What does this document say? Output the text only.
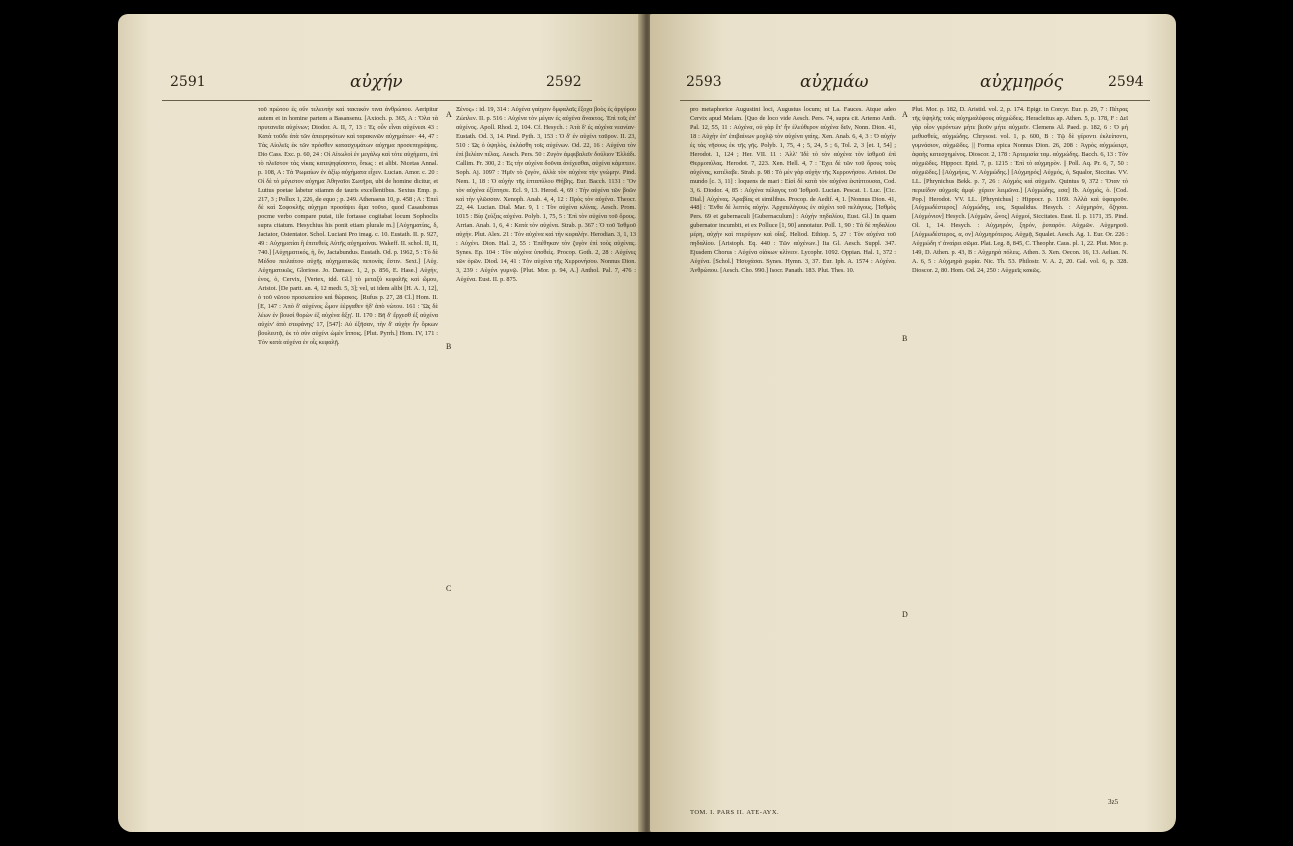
2591	αὐχήν	2592

τοῦ πρώτου ἐς οὖν τελευτὴν καὶ τακτικόν τινα ἀνθρώπου. Aeripitur autem et in homine partem a Basansenu. [Axioch. p. 365, A : Ὅλα τὰ πρυτανεῖα αὐχένων; Diodor. A. II, 7, 13 : Ἐς οὖν εἶναι αὐχένεσι 43 : Κατὰ τοῦδε ἀτὰ τῶν ἀπειρηκότων καὶ ταρακινῶν αὐχημάτων· 44, 47 : Τὰς Αἰολεῖς ἐκ τῶν πρόσθεν κατασχυμάτων αὐχημα προσεπιγράψας. Dio Cass. Exc. p. 60, 24 : Οἱ Αἰτωλοὶ ἐν μεγάλῳ καὶ τότε αὐχήματι, ἐπὶ τὸ πλεῖστον τὰς νίκας κατεψηφίσαντο, ὅπως : et alibi. Nicetas Annal. p. 108, A : Τὰ Ῥωμαίων ἐν ἀξίῳ αὐχήματα εἶχεν. Lucian. Amor. c. 20 : Οἱ δὲ τὸ μέγιστον αὐχημα Ἀθηναῖοι Σωτῆρα, ubi de homine dicitur, et Luttus poetae labetur stiamm de tauris excellentibus. Sextus Emp. p. 217, 3 ; Pollux 1, 226, de equo ; p. 249. Athenaeus 10, p. 458 ; A : Ἐπεὶ δὲ καὶ Σοφοκλῆς αὐχημα προσάψει ἄμα τοῦτο, quod Casaubonus pocme verbo compare putat, iile fortasse cogitabat locum Sophoclis supra citatum. Hesychius his ponit etiam plurale m.] [Αὐχηματίας, δ, Jactator, Ostentator. Schol. Luciani Pro imag. c. 10. Eustath. II. p. 927, 49 : Αὐχηματίαι ἢ ἐπιτεθείς Αὐτῆς αὐχημαίναι. Wakeff. II. schol. II, II, 740.] [Αὐχηματικός, ἡ, ὄν, Jactabundus. Eustath. Od. p. 1962, 5 : Τὸ δὲ Μέδου πειλαίτου αὐχῆς αὐχηματικῶς πεπονὰς ἔστιν. Sext.] [Αὐχ. Αὐχηματικῶς, Gloriose. Jo. Damasc. 1, 2, p. 856, E. Hase.] Αὐχήν, ένος, ὁ, Cervix, [Vertex, idd. Gl.] τὸ μεταξὺ κεφαλῆς καὶ ὤμου, Aristot. [De partt. an. 4, 12 medi. 5, 3]; vel, ut idem alibi [H. A. 1, 12], ὁ τοῦ νῶτου προσωπείου καὶ θώρακος. [Rufus p. 27, 28 Cl.] Hom. II. [E, 147 : Ἀπὸ δ' αὐχένος ὦμον ἐέργαθεν ἠδ' ἀπὸ νώτου. 161 : Ὣς δὲ λέων ἐν βουσὶ θορὼν ἐξ αὐχένα ἄξῃ'. II. 170 : Βῆ δ' ἔρχεσθ ἐξ αὐχένα αὐχὲν' ἀπὸ στεφάνης' 17, [547]: Αὐ ἐξῆσαν, τὴν δ' αὐχὴν ἦν ὄρκων βουλευτᾷ, ἐκ τὸ σὺν αὐχένι ὡμὲν ἵπποις. [Plut. Pyrrh.] Hom. IV, 171 : Τὸν κατὰ αὐχένα ἐν οἷς κεφαλῇ.

A
B
C

Ξένος» : id. 19, 314 : Αὐχένα γαίῃσιν ὄμφαλαῖς ἔξοχα βοὸς ἐς ἀργύρου Ζώπλεν. II. p. 516 : Αὐχένα τὸν μέγαν ἐς αὐχένα ἄνακτος. Ἐπὶ τοῖς ἐπ' αὐχένος. Apoll. Rhod. 2, 104. Cf. Hesych. : Ἀτὰ δ' ἐς αὐχένα νεανίαν· Eustath. Od. 3, 14. Pind. Pyth. 3, 153 : Ὁ δ' ἐν αὐχένι ταῦρον. II. 23, 510 : Ὡς ὁ ὑψηλὸς, ἐκλάσθη τοῖς αὐχένων. Od. 22, 16 : Αὐχένα τὸν ἐπὶ βελέαν πέλας. Aesch. Pers. 50 : Ζυγὸν ἀμφιβαλεῖν δούλιον Ἑλλάδι. Callim. Fr. 300, 2 : Ἐς τὴν αὐχένα δοῦναι ἀνέχεσθαι, αὐχένα κάμπτειν. Soph. Aj. 1097 : Ἡμῖν τὸ ζυγὸν, ἀλλὰ τὸν αὐχένα τὴν γνώμην. Pind. Nem. 1, 18 : Ὁ αὐχὴν τῆς ἑπταπύλου Θήβης. Eur. Bacch. 1131 : Ὃν τὸν αὐχένα ἐξίπτησε. Ecl. 9, 13. Herod. 4, 69 : Τὴν αὐχένα τῶν βοῶν καὶ τὴν γλῶσσαν. Xenoph. Anab. 4, 4, 12 : Πρὸς τὸν αὐχένα. Theocr. 22, 44. Lucian. Dial. Mar. 9, 1 : Τὸν αὐχένα κλίνας. Aesch. Prom. 1015 : Βίᾳ ζεύξας αὐχένα. Polyb. 1, 75, 5 : Ἐπὶ τὸν αὐχένα τοῦ ὄρους. Arrian. Anab. 1, 6, 4 : Κατὰ τὸν αὐχένα. Strab. p. 367 : Ὁ τοῦ Ἰσθμοῦ αὐχήν. Plut. Alex. 21 : Τὸν αὐχένα καὶ τὴν κεφαλὴν. Herodian. 3, 1, 13 : Αὐχένι. Dion. Hal. 2, 55 : Ἐπέθηκαν τὸν ζυγὸν ἐπὶ τοὺς αὐχένας. Synes. Ep. 104 : Τὸν αὐχένα ὑποθεὶς. Procop. Goth. 2, 28 : Αὐχένες τῶν ὀρῶν. Diod. 14, 41 : Τὸν αὐχένα τῆς Χερρονήσου. Nonnus Dion. 3, 239 : Αὐχένι γυμνῷ. [Plut. Mor. p. 94, A.] Anthol. Pal. 7, 476 : Αὐχένα. Eust. II. p. 875.

2593	αὐχμάω	αὐχμηρός	2594

pro metaphorice Augustini loci, Augustus locum; ut La. Fauces. Atque adeo Cervix apud Melam. [Quo de loco vide Aesch. Pers. 74, supra cit. Artemo Anth. Pal. 12, 55, 11 : Αὐχένα, οὐ γὰρ ἔτ' ἦν ἐλεύθερον αὐχένα δεῖν, Nonn. Dion. 41, 18 : Αὐχὴν ἐπ' ἐπιβαίνων μοχλῷ τὸν αὐχένα γαίης. Xen. Anab. 6, 4, 3 : Ὁ αὐχὴν ἐς τὰς νῆσους ἐκ τῆς γῆς. Polyb. 1, 75, 4 ; 5, 24, 5 ; 6, Tol. 2, 3 [et. I, 54] ; Herodot. 1, 124 ; Her. VII. 11 : Ἀλλ' Ἰδὲ τὸ τὸν αὐχένα τὸν ἰσθμοῦ ἐπὶ Θερμοπύλας. Herodot. 7, 223. Xen. Hell. 4, 7 : Ἔχει δὲ τῶν τοῦ ὄρους τοὺς αὐχένας, κατέλαβε. Strab. p. 98 : Τὸ μὲν γὰρ αὐχὴν τῆς Χερρονήσου. Aristot. De mundo [c. 3, 11] : loquens de mari : Εἰσὶ δὲ κατὰ τὸν αὐχένα ἐκπίπτουσαι, Cod. 3, 6. Diodor. 4, 85 : Αὐχένα πέλαγος τοῦ Ἰσθμοῦ. Lucian. Pescat. 1. Luc. [Cic. Dial.] Αὐχένας. Ἀραβίας et similibus. Procop. de Aedif. 4, 1. [Nonnus Dion. 41, 448] : Ἔνθα δὲ λεπτὸς αὐχὴν. Ἀρχιπελάγους ἐν αὐχένι τοῦ πελάγους. [Ἰσθμὸς Pers. 69 et gubernaculi [Gubernaculum] : Αὐχὴν πηδαλίου, Eust. Gl.] In quam gubernator incumbit, et ex Polluce [1, 90] annotatur. Poll. 1, 90 : Τὰ δὲ πηδαλίου μέρη, αὐχὴν καὶ πτερύγιον καὶ οἴαξ. Heliod. Ethiop. 5, 27 : Τὸν αὐχένα τοῦ πηδαλίου. [Aristoph. Eq. 440 : Τῶν αὐχένων.] Ita Gl. Aesch. Suppl. 347. Ejusdem Chorus : Αὐχένα οἰάκων κλίνειν. Lycophr. 1092. Oppian. Hal. 1, 372 : Αὐχένα. [Schol.] Ἡσυχάσαι. Synes. Hymn. 3, 37. Eur. Iph. A. 1574 : Αὐχένα. Ἀνθρώπου. [Aesch. Cho. 990.] Isocr. Panath. 183. Plut. Thes. 10.

A
B
D

Plut. Mor. p. 182, D. Aristid. vol. 2, p. 174. Epigr. in Corcyr. Eur. p. 29, 7 : Πέτρας τῆς ὑψηλῆς τοὺς αὐχημαλύφους αὐχμώδεις. Heracleitus ap. Athen. 5, p. 178, F : Δεῖ γὰρ οἶον γερόντων μήτε βιοῦν μήτε αὐχμεῖν. Clemens Al. Paed. p. 182, 6 : Ὁ μὴ μεθυσθείς, αὐχμώδης. Chrysost. vol. 1, p. 600, B : Τῷ δὲ γέροντι ἐκλείποντι, γυμνάσιον, αὐχμῶδες. || Forma epica Nonnus Dion. 26, 208 : Ἀγρὸς αὐχμώειςσ, ἀφαὴς κατεσχημένος. Dioscor. 2, 178 : Ἀρτεμισία ταμ. αὐχμώδης. Bacch. 6, 13 : Τὸν αὐχμῶδες. Hippocr. Epid. 7, p. 1215 : Ἐπὶ τὸ αὐχμηρὸν. || Poll. Aq. Pr. 6, 7, 50 : αὐχμῶδες.] [Αὐχμήεις, V. Αὐχμώδης.] [Αὐχμηρός] Αὐχμός, ὁ, Squalor, Siccitas. VV. LL. [Phrynichus Bekk. p. 7, 26 : Αὐχμὸς καὶ αὐχμεῖν. Quintus 9, 372 : Ὅταν τὸ περιείδον αὐχμοῖς ἀμφί· χέρειν λειμῶνα.] [Αὐχμώδης, εσα] Ib. Αὐχμός, ὁ. [Cod. Pop.] Herodot. VV. LL. [Phrynichus] : Hippocr. p. 1169. Ἀλλὰ καὶ ὑφαιροῦν. [Αὐχμωδέστερος] Αὐχμώδης, εος, Squalidus. Hesych. : Αὐχμηρὸν, ὄζησαι. [Αὐχμόνιον] Hesych. [Αὐχμῶν, ὦνος] Αὐχμοί, Siccitates. Eust. Il. p. 1171, 35. Pind. Ol. 1, 14. Hesych. : Αὐχμηρόν, ξηρόν, ῥυπαρόν. Αὐχμῶν. Αὐχμηροῦ. [Αὐχμωδέστερος, α, ον] Αὐχμηρότερος. Αὐχμᾷ, Squalet. Aesch. Ag. 1. Eur. Or. 226 : Αὐχμώδη τ' ἀναίρει σῶμα. Plat. Leg. 8, 845, C. Theophr. Caus. pl. 1, 22. Plut. Mor. p. 149, D. Athen. p. 43, B : Αὐχμηρὰ πόλεις. Athen. 3. Xen. Oecon. 16, 13. Aelian. N. A. 6, 5 : Αὐχμηρὰ χωρία. Nic. Th. 53. Philostr. V. A. 2, 20. Gal. vol. 6, p. 328. Dioscor. 2, 80. Hom. Od. 24, 250 : Αὐχμεῖς κακῶς.

TOM. I. PARS II. ΑΤΕ-ΑΥΧ.
3z5
